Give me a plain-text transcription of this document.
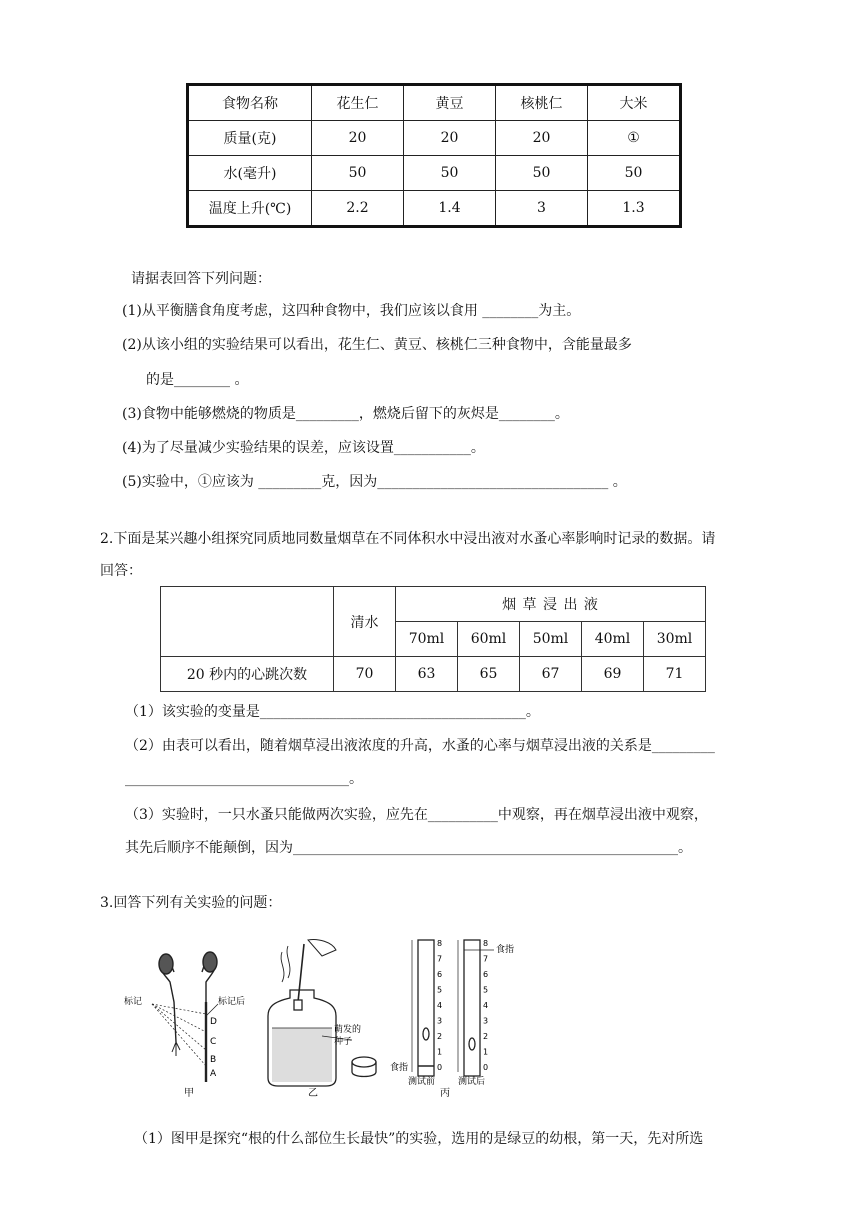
食物名称	花生仁	黄豆	核桃仁	大米
质量(克)	20	20	20	①
水(毫升)	50	50	50	50
温度上升(℃)	2.2	1.4	3	1.3
请据表回答下列问题：
(1)从平衡膳食角度考虑，这四种食物中，我们应该以食用 ________为主。
(2)从该小组的实验结果可以看出，花生仁、黄豆、核桃仁三种食物中，含能量最多
的是________ 。
(3)食物中能够燃烧的物质是_________，燃烧后留下的灰烬是________。
(4)为了尽量减少实验结果的误差，应该设置___________。
(5)实验中，①应该为 _________克，因为_________________________________ 。
2.下面是某兴趣小组探究同质地同数量烟草在不同体积水中浸出液对水蚤心率影响时记录的数据。请
回答：
	清水	烟 草 浸 出 液				
		70ml	60ml	50ml	40ml	30ml
20 秒内的心跳次数	70	63	65	67	69	71
（1）该实验的变量是______________________________________。
（2）由表可以看出，随着烟草浸出液浓度的升高，水蚤的心率与烟草浸出液的关系是_________
________________________________。
（3）实验时，一只水蚤只能做两次实验，应先在__________中观察，再在烟草浸出液中观察，
其先后顺序不能颠倒，因为_______________________________________________________。
3.回答下列有关实验的问题：
标记	标记后
D
C
B
A
甲
萌发的
种子
乙
食指
食指
测试前	测试后
丙
8
7
6
5
4
3
2
1
0
8
7
6
5
4
3
2
1
0
（1）图甲是探究“根的什么部位生长最快”的实验，选用的是绿豆的幼根，第一天，先对所选
